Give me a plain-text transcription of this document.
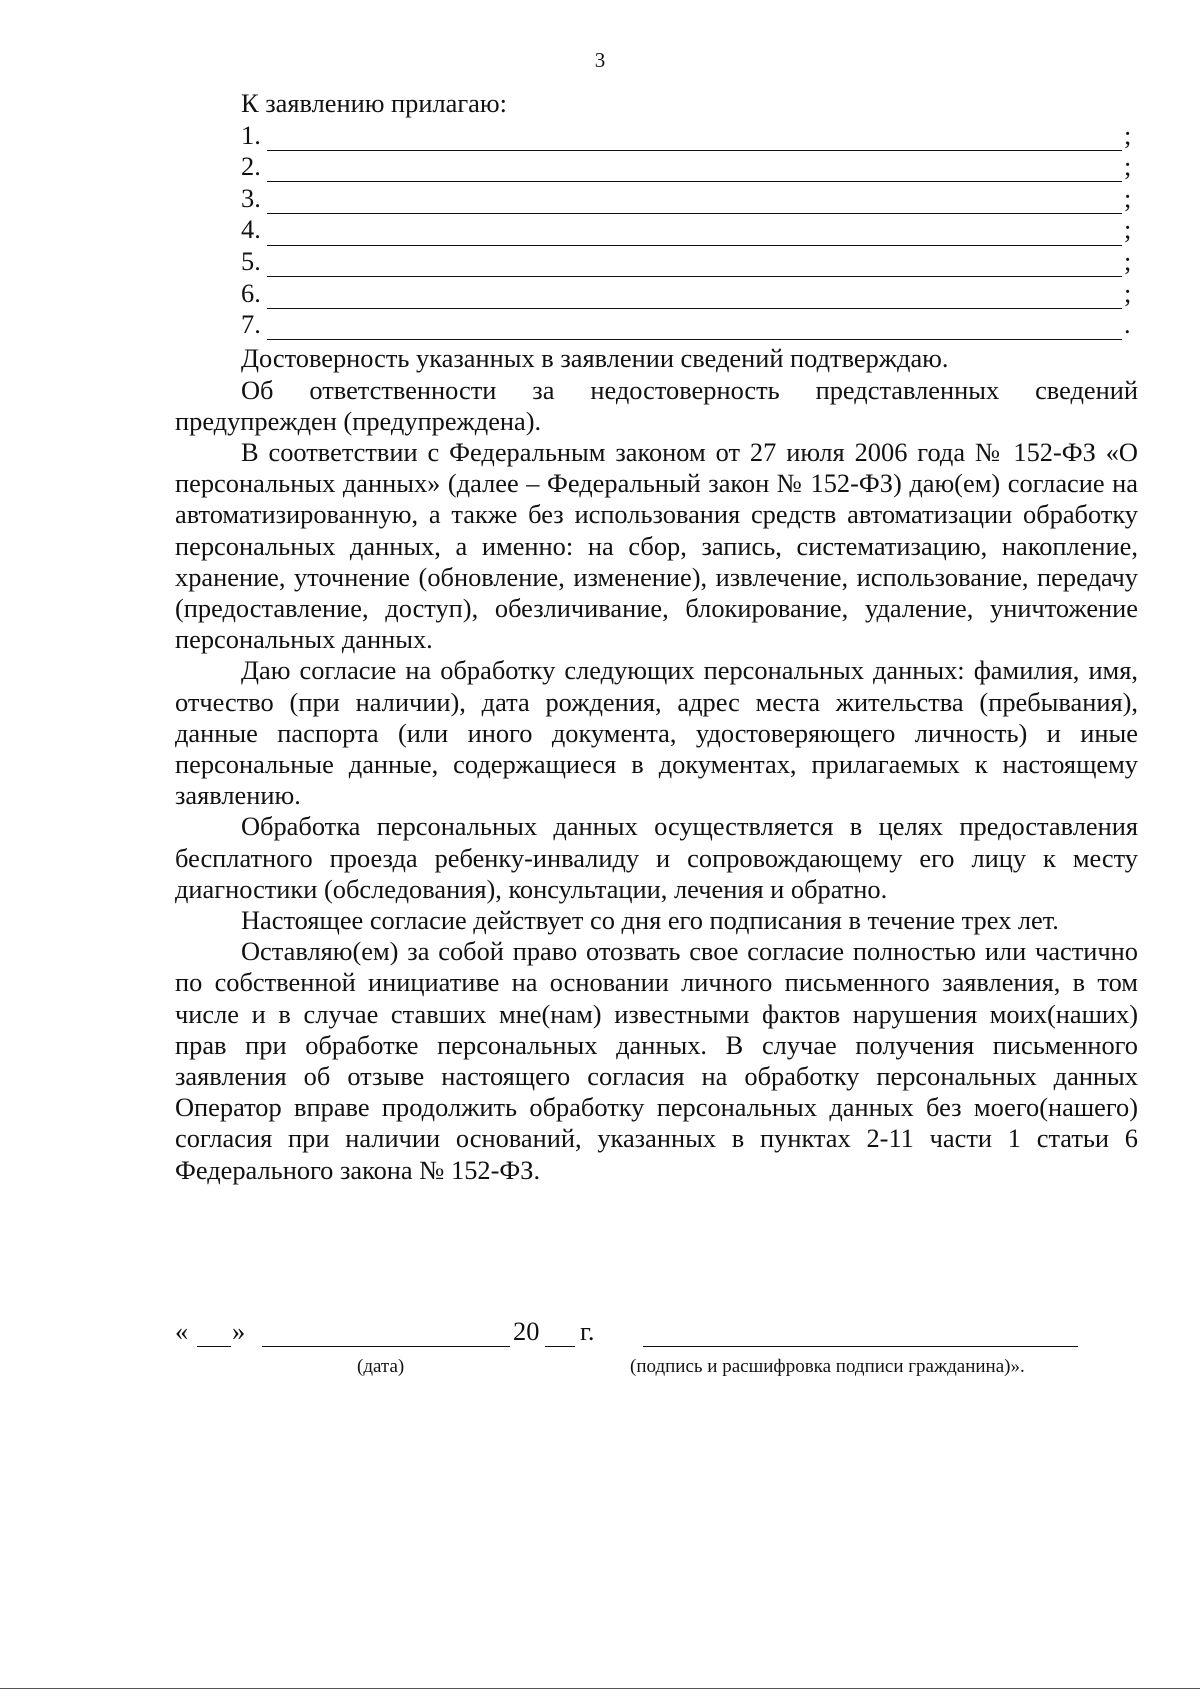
3
К заявлению прилагаю:
1.	;
2.	;
3.	;
4.	;
5.	;
6.	;
7.	.

Достоверность указанных в заявлении сведений подтверждаю.

Об ответственности за недостоверность представленных сведений предупрежден (предупреждена).

В соответствии с Федеральным законом от 27 июля 2006 года № 152-ФЗ «О персональных данных» (далее – Федеральный закон № 152-ФЗ) даю(ем) согласие на автоматизированную, а также без использования средств автоматизации обработку персональных данных, а именно: на сбор, запись, систематизацию, накопление, хранение, уточнение (обновление, изменение), извлечение, использование, передачу (предоставление, доступ), обезличивание, блокирование, удаление, уничтожение персональных данных.

Даю согласие на обработку следующих персональных данных: фамилия, имя, отчество (при наличии), дата рождения, адрес места жительства (пребывания), данные паспорта (или иного документа, удостоверяющего личность) и иные персональные данные, содержащиеся в документах, прилагаемых к настоящему заявлению.

Обработка персональных данных осуществляется в целях предоставления бесплатного проезда ребенку-инвалиду и сопровождающему его лицу к месту диагностики (обследования), консультации, лечения и обратно.

Настоящее согласие действует со дня его подписания в течение трех лет.

Оставляю(ем) за собой право отозвать свое согласие полностью или частично по собственной инициативе на основании личного письменного заявления, в том числе и в случае ставших мне(нам) известными фактов нарушения моих(наших) прав при обработке персональных данных. В случае получения письменного заявления об отзыве настоящего согласия на обработку персональных данных Оператор вправе продолжить обработку персональных данных без моего(нашего) согласия при наличии оснований, указанных в пунктах 2-11 части 1 статьи 6 Федерального закона № 152-ФЗ.

« »	20 г.
(дата)	(подпись и расшифровка подписи гражданина)».
